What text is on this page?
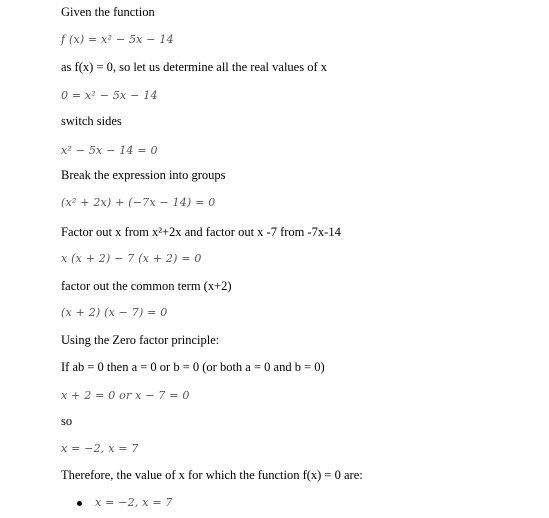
Given the function
f (x) = x² − 5x − 14
as f(x) = 0, so let us determine all the real values of x
0 = x² − 5x − 14
switch sides
x² − 5x − 14 = 0
Break the expression into groups
(x² + 2x) + (−7x − 14) = 0
Factor out x from x²+2x and factor out x -7 from -7x-14
x (x + 2) − 7 (x + 2) = 0
factor out the common term (x+2)
(x + 2) (x − 7) = 0
Using the Zero factor principle:
If ab = 0 then a = 0 or b = 0 (or both a = 0 and b = 0)
x + 2 = 0 or x − 7 = 0
so
x = −2, x = 7
Therefore, the value of x for which the function f(x) = 0 are:
x = −2, x = 7
